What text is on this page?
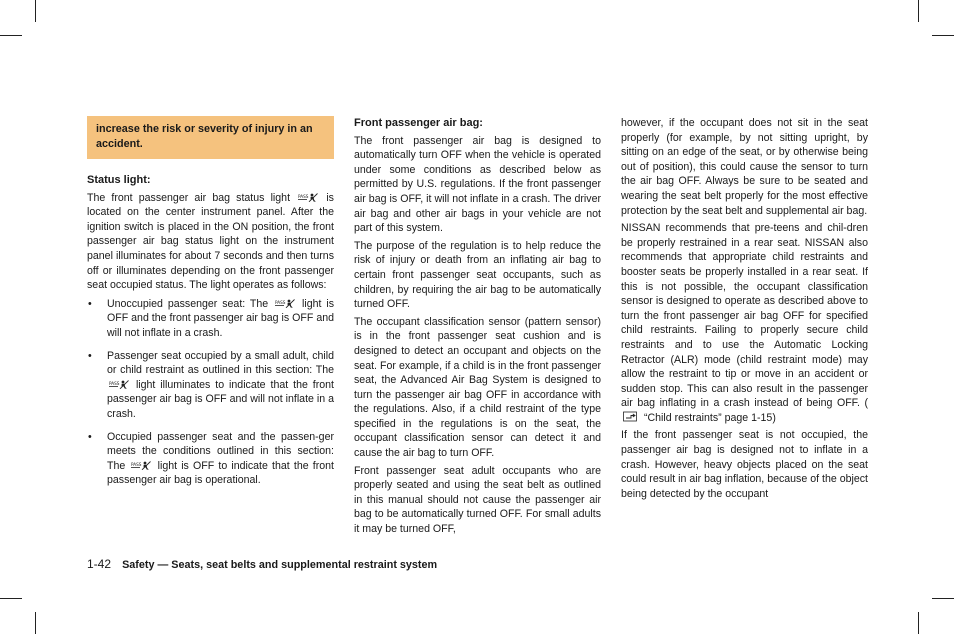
increase the risk or severity of injury in an accident.

Status light:

The front passenger air bag status light PASS is located on the center instrument panel. After the ignition switch is placed in the ON position, the front passenger air bag status light on the instrument panel illuminates for about 7 seconds and then turns off or illuminates depending on the front passenger seat occupied status. The light operates as follows:

• Unoccupied passenger seat: The PASS light is OFF and the front passenger air bag is OFF and will not inflate in a crash.
• Passenger seat occupied by a small adult, child or child restraint as outlined in this section: The
PASS light illuminates to indicate that the front passenger air bag is OFF and will not inflate in a crash.
• Occupied passenger seat and the passen-ger meets the conditions outlined in this section: The PASS light is OFF to indicate that the front passenger air bag is operational.

Front passenger air bag:

The front passenger air bag is designed to automatically turn OFF when the vehicle is operated under some conditions as described below as permitted by U.S. regulations. If the front passenger air bag is OFF, it will not inflate in a crash. The driver air bag and other air bags in your vehicle are not part of this system.

The purpose of the regulation is to help reduce the risk of injury or death from an inflating air bag to certain front passenger seat occupants, such as children, by requiring the air bag to be automatically turned OFF.

The occupant classification sensor (pattern sensor) is in the front passenger seat cushion and is designed to detect an occupant and objects on the seat. For example, if a child is in the front passenger seat, the Advanced Air Bag System is designed to turn the passenger air bag OFF in accordance with the regulations. Also, if a child restraint of the type specified in the regulations is on the seat, the occupant classification sensor can detect it and cause the air bag to turn OFF.

Front passenger seat adult occupants who are properly seated and using the seat belt as outlined in this manual should not cause the passenger air bag to be automatically turned OFF. For small adults it may be turned OFF,

however, if the occupant does not sit in the seat properly (for example, by not sitting upright, by sitting on an edge of the seat, or by otherwise being out of position), this could cause the sensor to turn the air bag OFF. Always be sure to be seated and wearing the seat belt properly for the most effective protection by the seat belt and supplemental air bag.

NISSAN recommends that pre-teens and chil-dren be properly restrained in a rear seat. NISSAN also recommends that appropriate child restraints and booster seats be properly installed in a rear seat. If this is not possible, the occupant classification sensor is designed to operate as described above to turn the front passenger air bag OFF for specified child restraints. Failing to properly secure child restraints and to use the Automatic Locking Retractor (ALR) mode (child restraint mode) may allow the restraint to tip or move in an accident or sudden stop. This can also result in the passenger air bag inflating in a crash instead of being OFF. (  “Child restraints” page 1-15)

If the front passenger seat is not occupied, the passenger air bag is designed not to inflate in a crash. However, heavy objects placed on the seat could result in air bag inflation, because of the object being detected by the occupant

1-42 Safety — Seats, seat belts and supplemental restraint system
